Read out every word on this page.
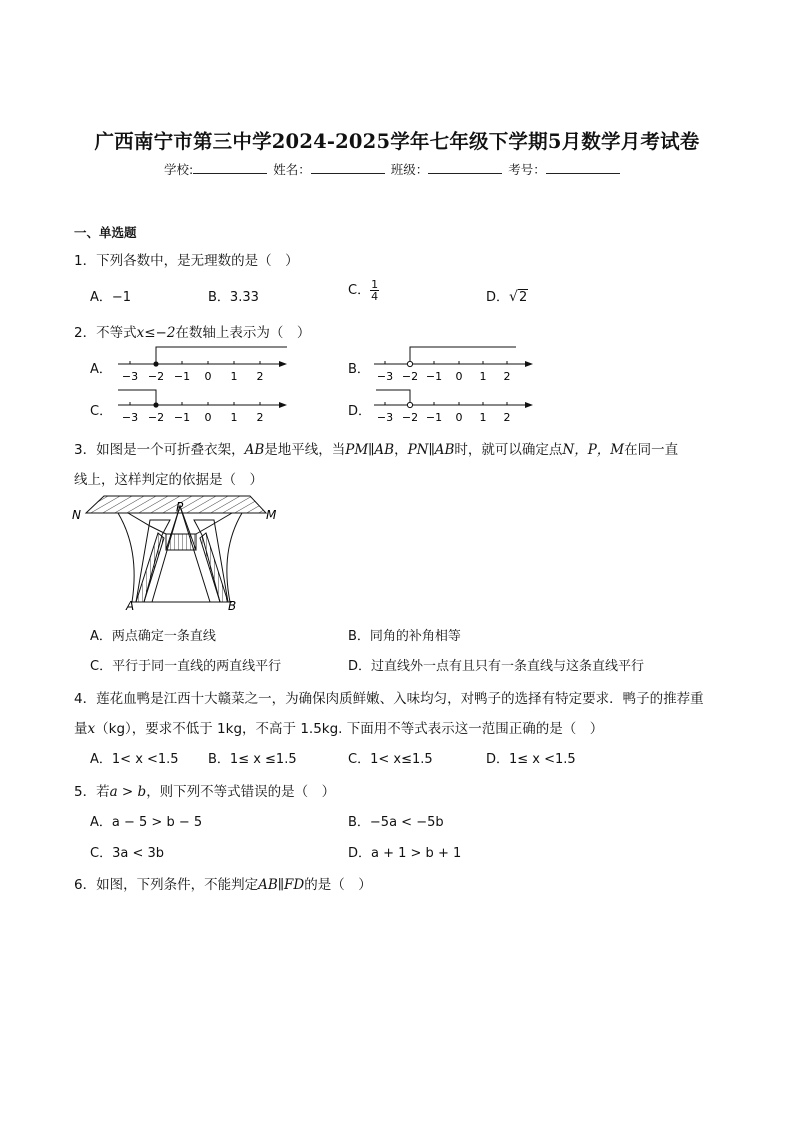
广西南宁市第三中学2024-2025学年七年级下学期5月数学月考试卷
学校:	姓名：	班级：	考号：
一、单选题
1．下列各数中，是无理数的是（　）
A．−1	B．3.33	C． $\frac{1}{4}$	D．√2
2．不等式x≤−2在数轴上表示为（　）
A．	B．
C．	D．
−3 −2 −1 0 1 2	−3 −2 −1 0 1 2
−3 −2 −1 0 1 2	−3 −2 −1 0 1 2
3．如图是一个可折叠衣架，AB是地平线，当PM∥AB，PN∥AB时，就可以确定点N，P，M在同一直
线上，这样判定的依据是（　）
N
P
M
A	B
A．两点确定一条直线	B．同角的补角相等
C．平行于同一直线的两直线平行	D．过直线外一点有且只有一条直线与这条直线平行
4．莲花血鸭是江西十大赣菜之一，为确保肉质鲜嫩、入味均匀，对鸭子的选择有特定要求．鸭子的推荐重
量x（kg），要求不低于 1kg，不高于 1.5kg. 下面用不等式表示这一范围正确的是（　）
A．1< x <1.5 B．1≤ x ≤1.5	C．1< x≤1.5	D．1≤ x <1.5
5．若a > b，则下列不等式错误的是（　）
A．a − 5 > b − 5	B．−5a < −5b
C．3a < 3b	D．a + 1 > b + 1
6．如图，下列条件，不能判定AB∥FD的是（　）
